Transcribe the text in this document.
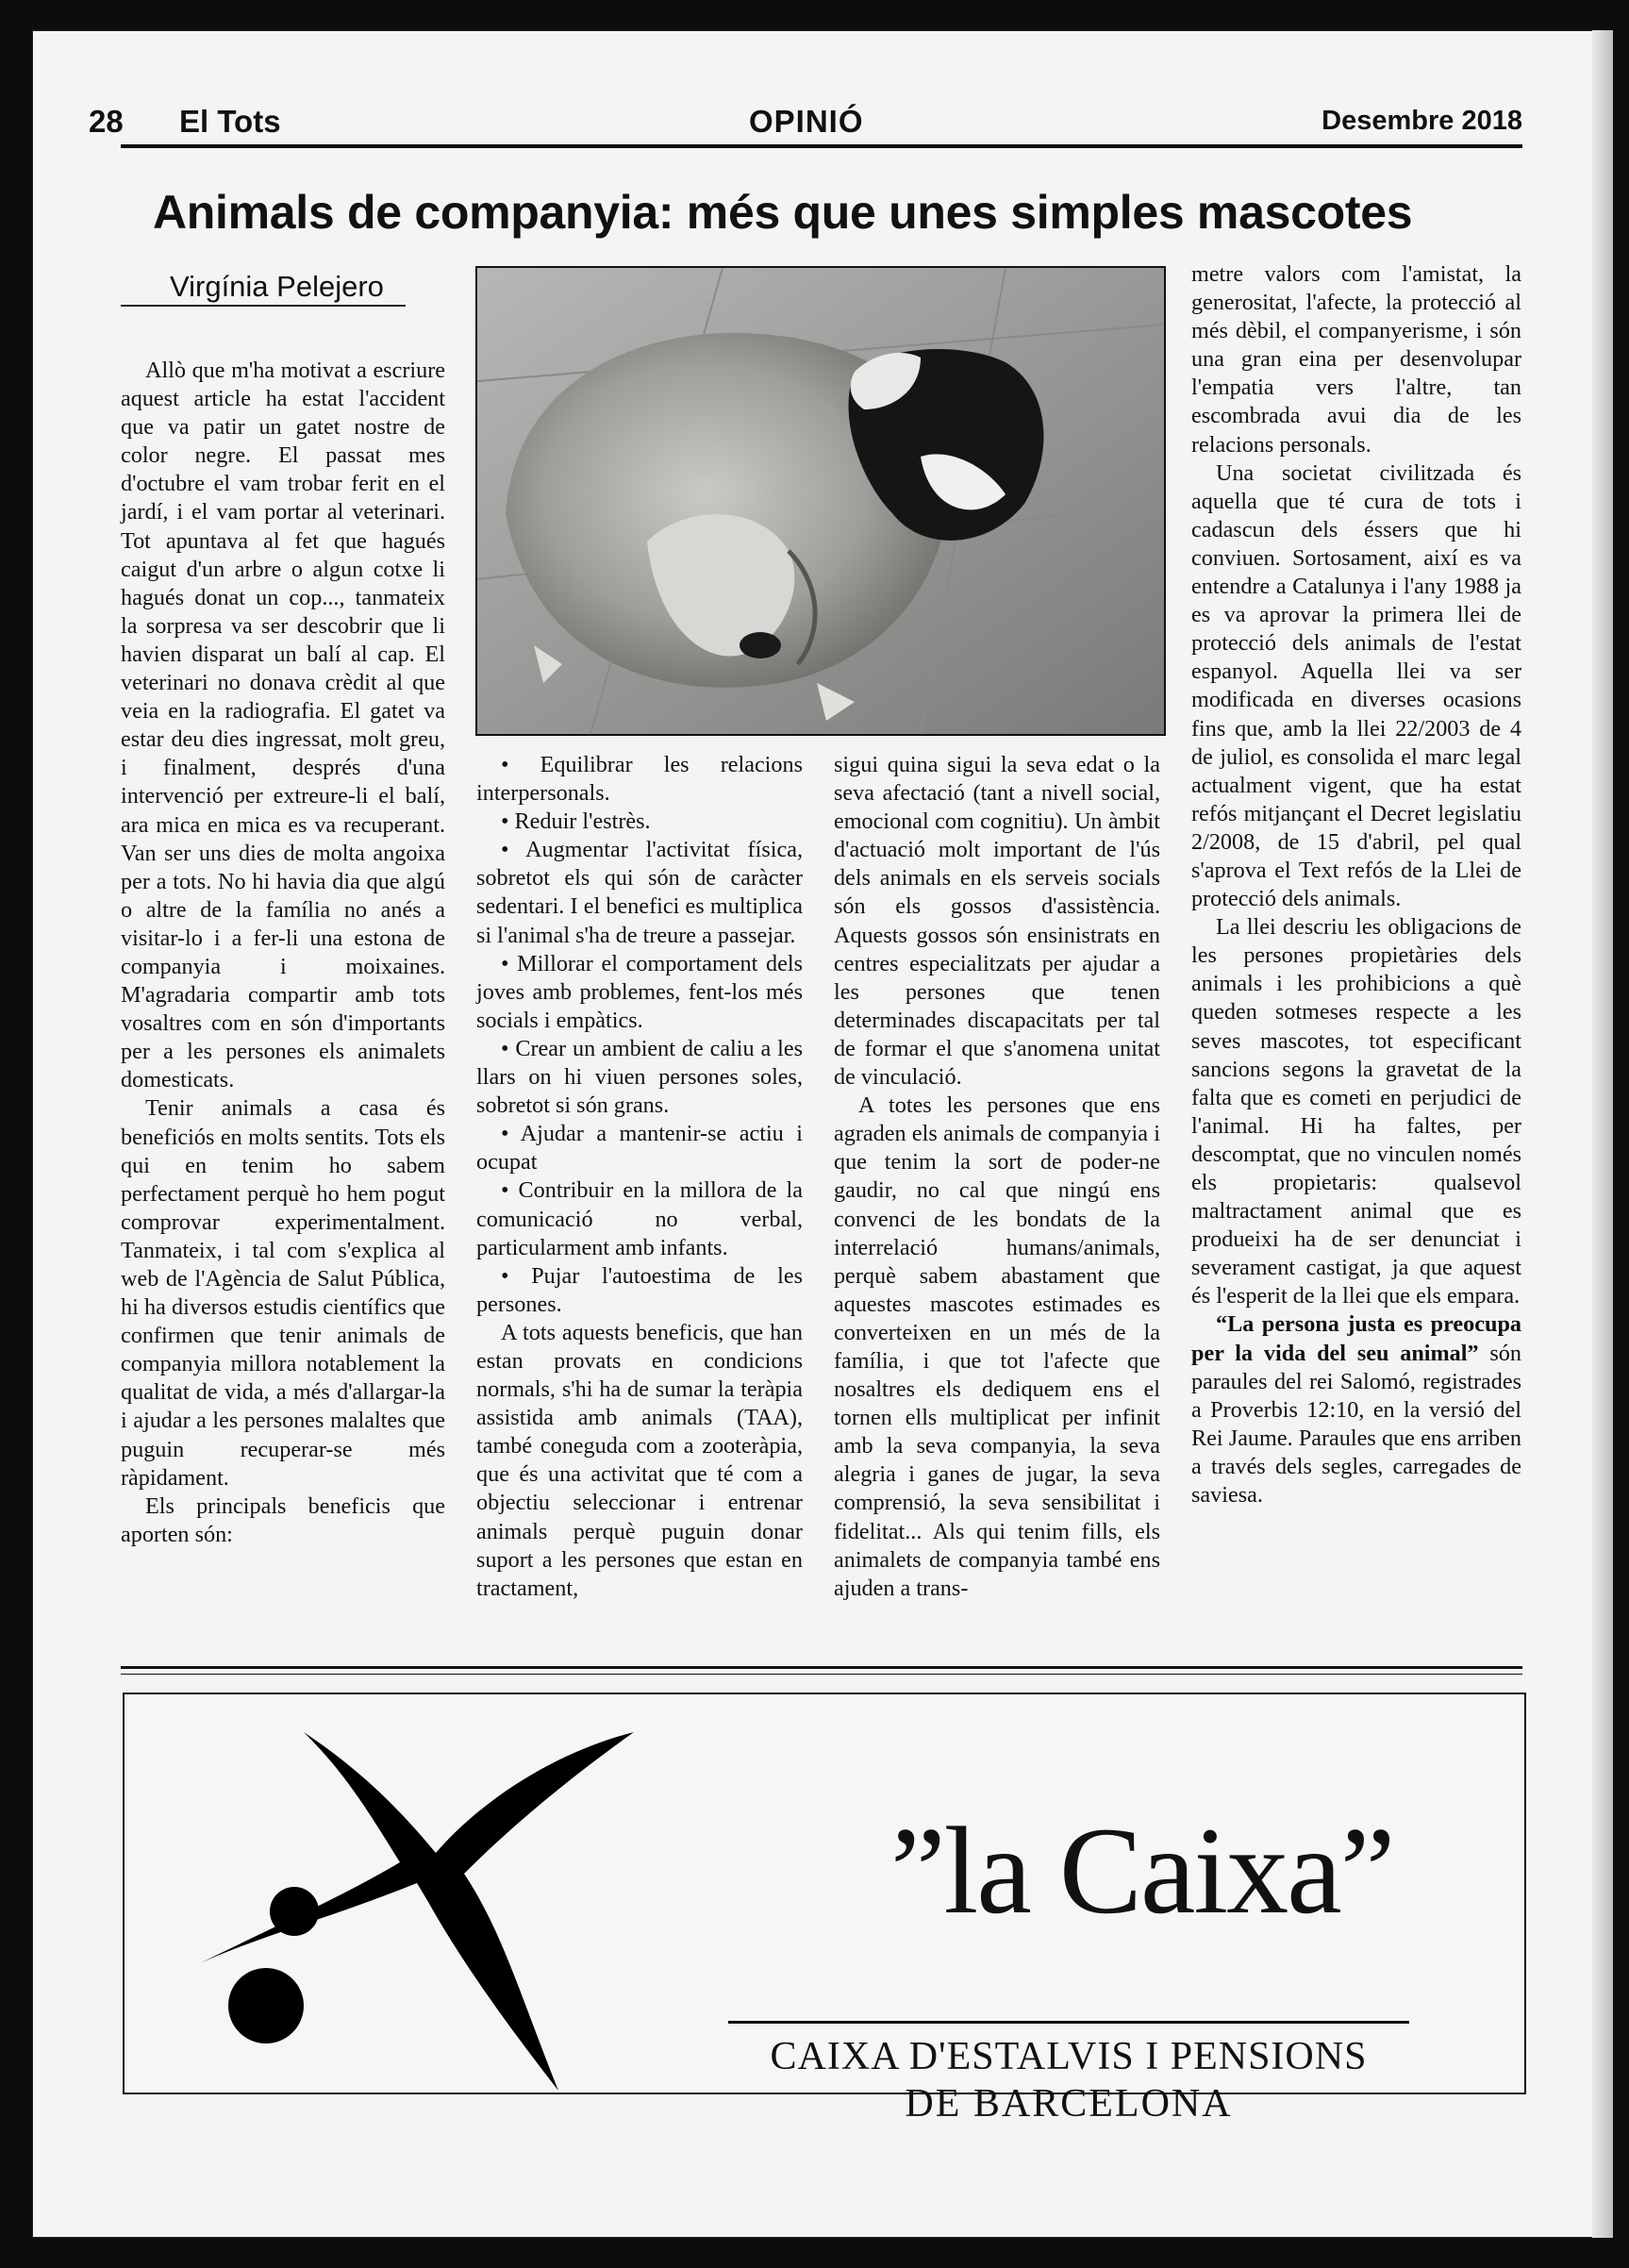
28 El Tots	OPINIÓ	Desembre 2018
Animals de companyia: més que unes simples mascotes
Virgínia Pelejero

Allò que m'ha motivat a escriure aquest article ha estat l'accident que va patir un gatet nostre de color negre. El passat mes d'octubre el vam trobar ferit en el jardí, i el vam portar al veterinari. Tot apuntava al fet que hagués caigut d'un arbre o algun cotxe li hagués donat un cop..., tanmateix la sorpresa va ser descobrir que li havien disparat un balí al cap. El veterinari no donava crèdit al que veia en la radiografia. El gatet va estar deu dies ingressat, molt greu, i finalment, després d'una intervenció per extreure-li el balí, ara mica en mica es va recuperant. Van ser uns dies de molta angoixa per a tots. No hi havia dia que algú o altre de la família no anés a visitar-lo i a fer-li una estona de companyia i moixaines. M'agradaria compartir amb tots vosaltres com en són d'importants per a les persones els animalets domesticats.

Tenir animals a casa és beneficiós en molts sentits. Tots els qui en tenim ho sabem perfectament perquè ho hem pogut comprovar experimentalment. Tanmateix, i tal com s'explica al web de l'Agència de Salut Pública, hi ha diversos estudis científics que confirmen que tenir animals de companyia millora notablement la qualitat de vida, a més d'allargar-la i ajudar a les persones malaltes que puguin recuperar-se més ràpidament.

Els principals beneficis que aporten són:

• Equilibrar les relacions interpersonals.

• Reduir l'estrès.

• Augmentar l'activitat física, sobretot els qui són de caràcter sedentari. I el benefici es multiplica si l'animal s'ha de treure a passejar.

• Millorar el comportament dels joves amb problemes, fent-los més socials i empàtics.

• Crear un ambient de caliu a les llars on hi viuen persones soles, sobretot si són grans.

• Ajudar a mantenir-se actiu i ocupat

• Contribuir en la millora de la comunicació no verbal, particularment amb infants.

• Pujar l'autoestima de les persones.

A tots aquests beneficis, que han estan provats en condicions normals, s'hi ha de sumar la teràpia assistida amb animals (TAA), també coneguda com a zooteràpia, que és una activitat que té com a objectiu seleccionar i entrenar animals perquè puguin donar suport a les persones que estan en tractament,

sigui quina sigui la seva edat o la seva afectació (tant a nivell social, emocional com cognitiu). Un àmbit d'actuació molt important de l'ús dels animals en els serveis socials són els gossos d'assistència. Aquests gossos són ensinistrats en centres especialitzats per ajudar a les persones que tenen determinades discapacitats per tal de formar el que s'anomena unitat de vinculació.

A totes les persones que ens agraden els animals de companyia i que tenim la sort de poder-ne gaudir, no cal que ningú ens convenci de les bondats de la interrelació humans/animals, perquè sabem abastament que aquestes mascotes estimades es converteixen en un més de la família, i que tot l'afecte que nosaltres els dediquem ens el tornen ells multiplicat per infinit amb la seva companyia, la seva alegria i ganes de jugar, la seva comprensió, la seva sensibilitat i fidelitat... Als qui tenim fills, els animalets de companyia també ens ajuden a trans-

metre valors com l'amistat, la generositat, l'afecte, la protecció al més dèbil, el companyerisme, i són una gran eina per desenvolupar l'empatia vers l'altre, tan escombrada avui dia de les relacions personals.

Una societat civilitzada és aquella que té cura de tots i cadascun dels éssers que hi conviuen. Sortosament, així es va entendre a Catalunya i l'any 1988 ja es va aprovar la primera llei de protecció dels animals de l'estat espanyol. Aquella llei va ser modificada en diverses ocasions fins que, amb la llei 22/2003 de 4 de juliol, es consolida el marc legal actualment vigent, que ha estat refós mitjançant el Decret legislatiu 2/2008, de 15 d'abril, pel qual s'aprova el Text refós de la Llei de protecció dels animals.

La llei descriu les obligacions de les persones propietàries dels animals i les prohibicions a què queden sotmeses respecte a les seves mascotes, tot especificant sancions segons la gravetat de la falta que es cometi en perjudici de l'animal. Hi ha faltes, per descomptat, que no vinculen només els propietaris: qualsevol maltractament animal que es produeixi ha de ser denunciat i severament castigat, ja que aquest és l'esperit de la llei que els empara.

“La persona justa es preocupa per la vida del seu animal” són paraules del rei Salomó, registrades a Proverbis 12:10, en la versió del Rei Jaume. Paraules que ens arriben a través dels segles, carregades de saviesa.

”la Caixa”
CAIXA D'ESTALVIS I PENSIONS
DE BARCELONA
